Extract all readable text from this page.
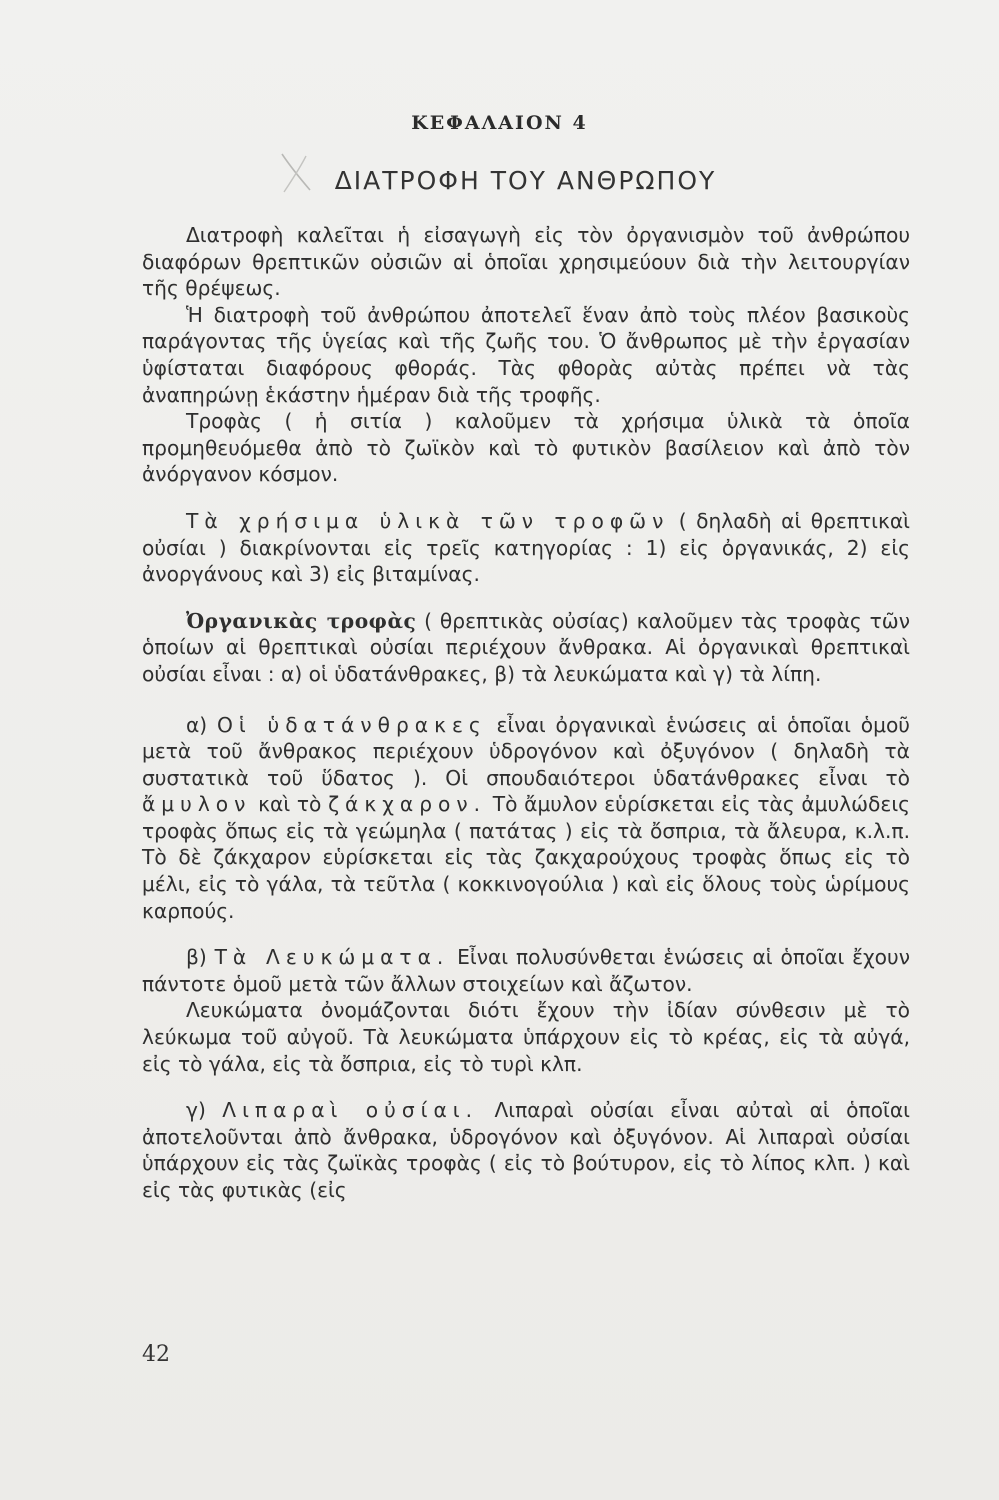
ΚΕΦΑΛΑΙΟΝ 4
ΔΙΑΤΡΟΦΗ ΤΟΥ ΑΝΘΡΩΠΟΥ

Διατροφὴ καλεῖται ἡ εἰσαγωγὴ εἰς τὸν ὀργανισμὸν τοῦ ἀνθρώπου διαφόρων θρεπτικῶν οὐσιῶν αἱ ὁποῖαι χρησιμεύουν διὰ τὴν λειτουργίαν τῆς θρέψεως.

Ἡ διατροφὴ τοῦ ἀνθρώπου ἀποτελεῖ ἕναν ἀπὸ τοὺς πλέον βασικοὺς παράγοντας τῆς ὑγείας καὶ τῆς ζωῆς του. Ὁ ἄνθρωπος μὲ τὴν ἐργασίαν ὑφίσταται διαφόρους φθοράς. Τὰς φθορὰς αὐτὰς πρέπει νὰ τὰς ἀναπηρώνῃ ἑκάστην ἡμέραν διὰ τῆς τροφῆς.

Τροφὰς ( ἡ σιτία ) καλοῦμεν τὰ χρήσιμα ὑλικὰ τὰ ὁποῖα προμηθευόμεθα ἀπὸ τὸ ζωϊκὸν καὶ τὸ φυτικὸν βασίλειον καὶ ἀπὸ τὸν ἀνόργανον κόσμον.

Τὰ χρήσιμα ὑλικὰ τῶν τροφῶν ( δηλαδὴ αἱ θρεπτικαὶ οὐσίαι ) διακρίνονται εἰς τρεῖς κατηγορίας : 1) εἰς ὀργανικάς, 2) εἰς ἀνοργάνους καὶ 3) εἰς βιταμίνας.

Ὀργανικὰς τροφὰς ( θρεπτικὰς οὐσίας) καλοῦμεν τὰς τροφὰς τῶν ὁποίων αἱ θρεπτικαὶ οὐσίαι περιέχουν ἄνθρακα. Αἱ ὀργανικαὶ θρεπτικαὶ οὐσίαι εἶναι : α) οἱ ὑδατάνθρακες, β) τὰ λευκώματα καὶ γ) τὰ λίπη.

α) Οἱ ὑδατάνθρακες εἶναι ὀργανικαὶ ἑνώσεις αἱ ὁποῖαι ὁμοῦ μετὰ τοῦ ἄνθρακος περιέχουν ὑδρογόνον καὶ ὀξυγόνον ( δηλαδὴ τὰ συστατικὰ τοῦ ὕδατος ). Οἱ σπουδαιότεροι ὑδατάνθρακες εἶναι τὸ ἄμυλον καὶ τὸ ζάκχαρον. Τὸ ἄμυλον εὑρίσκεται εἰς τὰς ἀμυλώδεις τροφὰς ὅπως εἰς τὰ γεώμηλα ( πατάτας ) εἰς τὰ ὄσπρια, τὰ ἄλευρα, κ.λ.π. Τὸ δὲ ζάκχαρον εὑρίσκεται εἰς τὰς ζακχαρούχους τροφὰς ὅπως εἰς τὸ μέλι, εἰς τὸ γάλα, τὰ τεῦτλα ( κοκκινογούλια ) καὶ εἰς ὅλους τοὺς ὡρίμους καρπούς.

β) Τὰ Λευκώματα. Εἶναι πολυσύνθεται ἑνώσεις αἱ ὁποῖαι ἔχουν πάντοτε ὁμοῦ μετὰ τῶν ἄλλων στοιχείων καὶ ἄζωτον.

Λευκώματα ὀνομάζονται διότι ἔχουν τὴν ἰδίαν σύνθεσιν μὲ τὸ λεύκωμα τοῦ αὐγοῦ. Τὰ λευκώματα ὑπάρχουν εἰς τὸ κρέας, εἰς τὰ αὐγά, εἰς τὸ γάλα, εἰς τὰ ὄσπρια, εἰς τὸ τυρὶ κλπ.

γ) Λιπαραὶ οὐσίαι. Λιπαραὶ οὐσίαι εἶναι αὐταὶ αἱ ὁποῖαι ἀποτελοῦνται ἀπὸ ἄνθρακα, ὑδρογόνον καὶ ὀξυγόνον. Αἱ λιπαραὶ οὐσίαι ὑπάρχουν εἰς τὰς ζωϊκὰς τροφὰς ( εἰς τὸ βούτυρον, εἰς τὸ λίπος κλπ. ) καὶ εἰς τὰς φυτικὰς (εἰς

42
